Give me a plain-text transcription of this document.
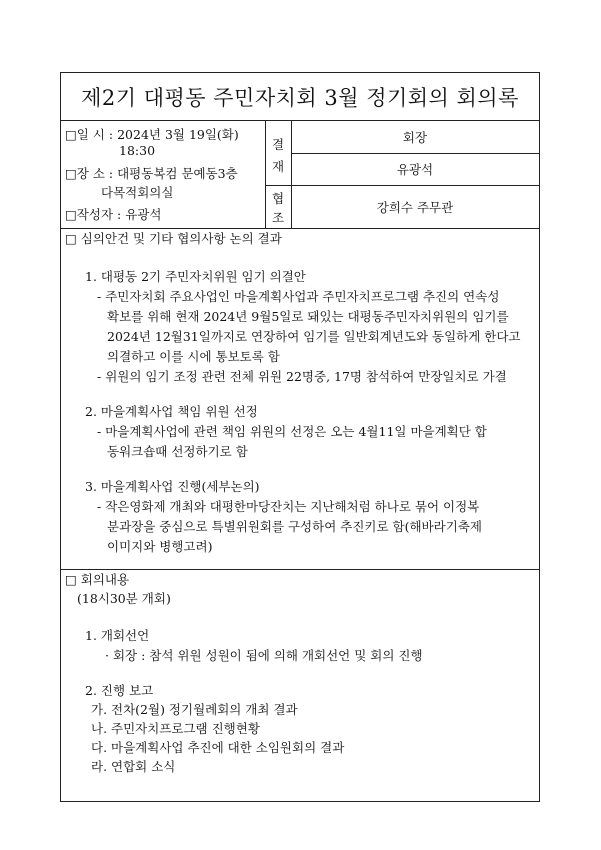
제2기 대평동 주민자치회 3월 정기회의 회의록
□일 시 : 2024년 3월 19일(화)
18:30
□장 소 : 대평동복컴 문예동3층
다목적회의실
□작성자 : 유광석
결
재
협
조
회장
유광석
강희수 주무관
□ 심의안건 및 기타 협의사항 논의 결과
1. 대평동 2기 주민자치위원 임기 의결안
- 주민자치회 주요사업인 마을계획사업과 주민자치프로그램 추진의 연속성
확보를 위해 현재 2024년 9월5일로 돼있는 대평동주민자치위원의 임기를
2024년 12월31일까지로 연장하여 임기를 일반회계년도와 동일하게 한다고
의결하고 이를 시에 통보토록 함
- 위원의 임기 조정 관련 전체 위원 22명중, 17명 참석하여 만장일치로 가결
2. 마을계획사업 책임 위원 선정
- 마을계획사업에 관련 책임 위원의 선정은 오는 4월11일 마을계획단 합
동워크숍때 선정하기로 함
3. 마을계획사업 진행(세부논의)
- 작은영화제 개최와 대평한마당잔치는 지난해처럼 하나로 묶어 이정복
분과장을 중심으로 특별위원회를 구성하여 추진키로 함(해바라기축제
이미지와 병행고려)
□ 회의내용
(18시30분 개회)
1. 개회선언
· 회장 : 참석 위원 성원이 됨에 의해 개회선언 및 회의 진행
2. 진행 보고
가. 전차(2월) 정기월례회의 개최 결과
나. 주민자치프로그램 진행현황
다. 마을계획사업 추진에 대한 소임원회의 결과
라. 연합회 소식
